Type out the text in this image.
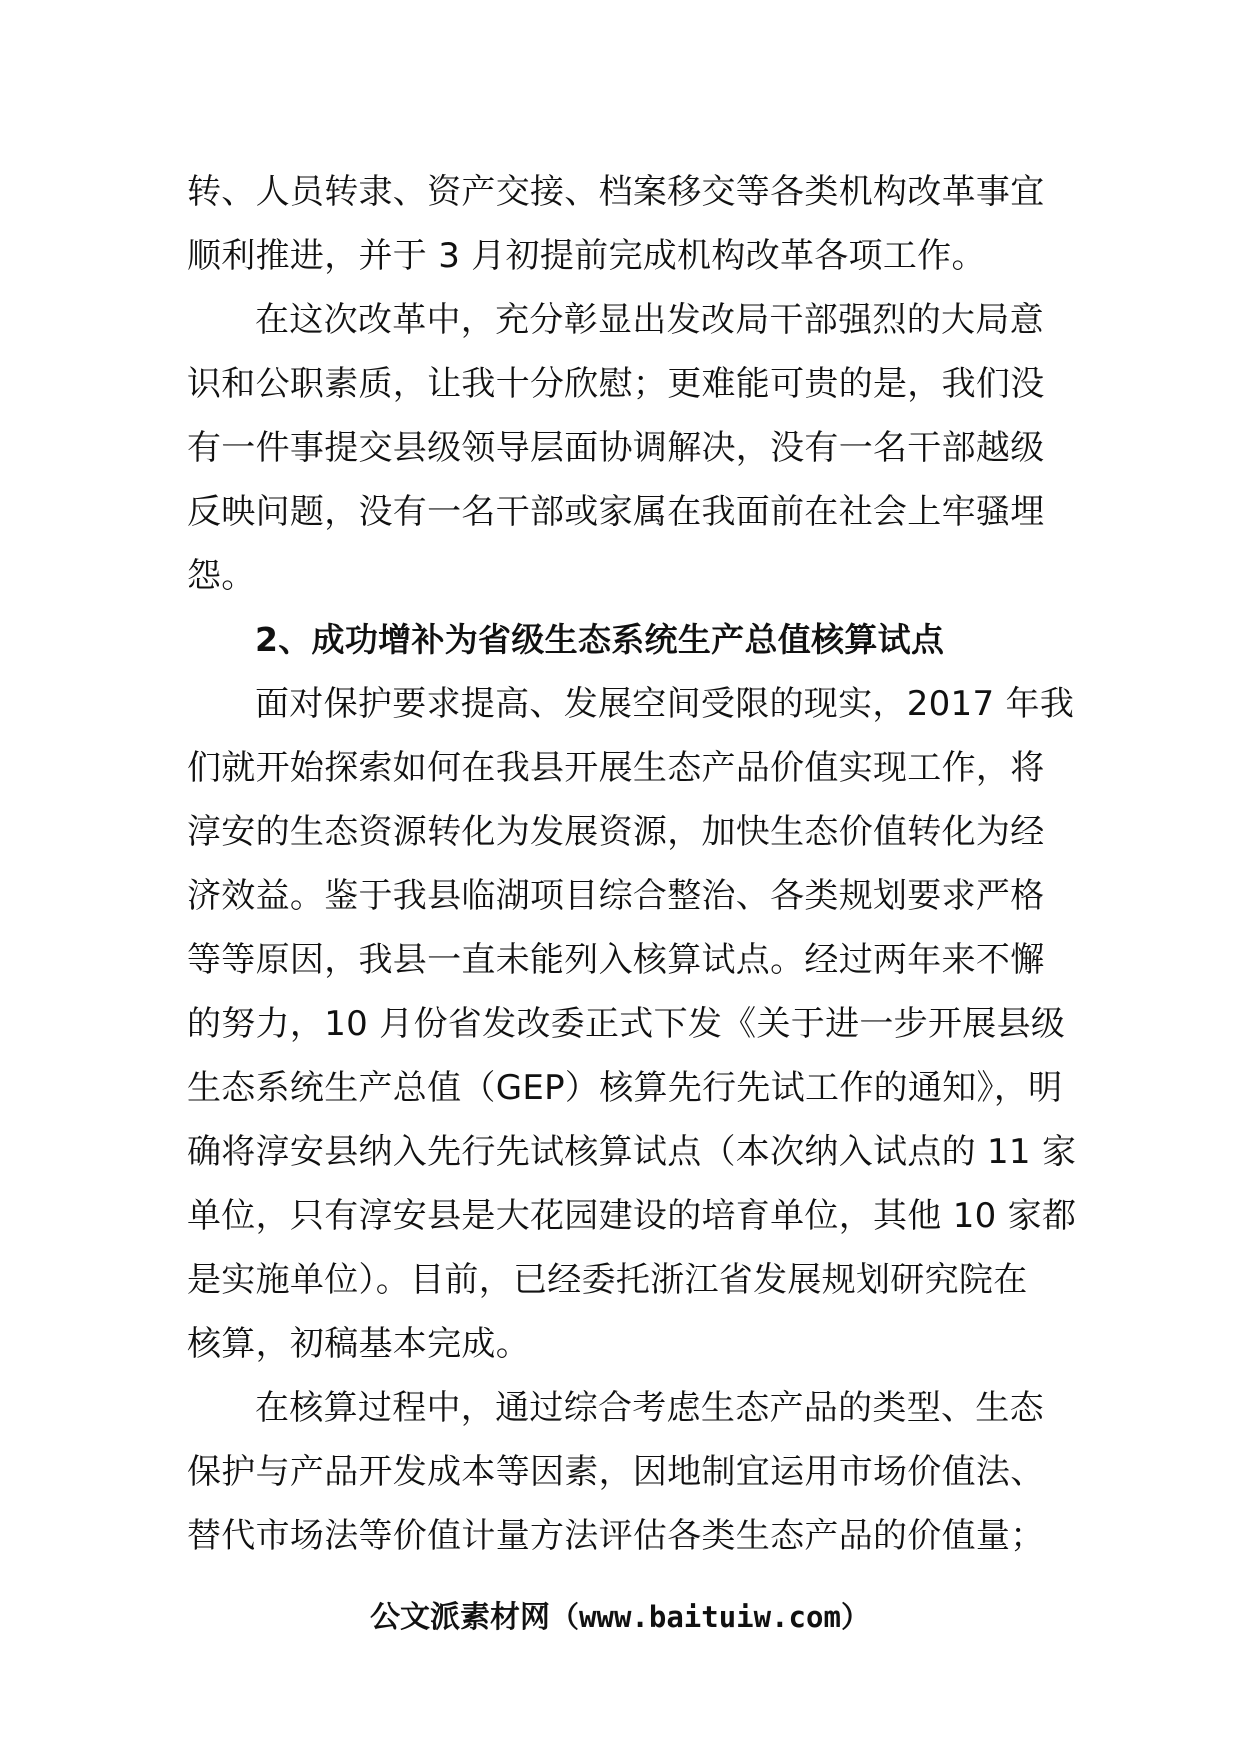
转、人员转隶、资产交接、档案移交等各类机构改革事宜
顺利推进，并于 3 月初提前完成机构改革各项工作。
在这次改革中，充分彰显出发改局干部强烈的大局意
识和公职素质，让我十分欣慰；更难能可贵的是，我们没
有一件事提交县级领导层面协调解决，没有一名干部越级
反映问题，没有一名干部或家属在我面前在社会上牢骚埋
怨。
2、成功增补为省级生态系统生产总值核算试点
面对保护要求提高、发展空间受限的现实，2017 年我
们就开始探索如何在我县开展生态产品价值实现工作，将
淳安的生态资源转化为发展资源，加快生态价值转化为经
济效益。鉴于我县临湖项目综合整治、各类规划要求严格
等等原因，我县一直未能列入核算试点。经过两年来不懈
的努力，10 月份省发改委正式下发《关于进一步开展县级
生态系统生产总值（GEP）核算先行先试工作的通知》，明
确将淳安县纳入先行先试核算试点（本次纳入试点的 11 家
单位，只有淳安县是大花园建设的培育单位，其他 10 家都
是实施单位）。目前，已经委托浙江省发展规划研究院在
核算，初稿基本完成。
在核算过程中，通过综合考虑生态产品的类型、生态
保护与产品开发成本等因素，因地制宜运用市场价值法、
替代市场法等价值计量方法评估各类生态产品的价值量；
公文派素材网（www.baituiw.com）
